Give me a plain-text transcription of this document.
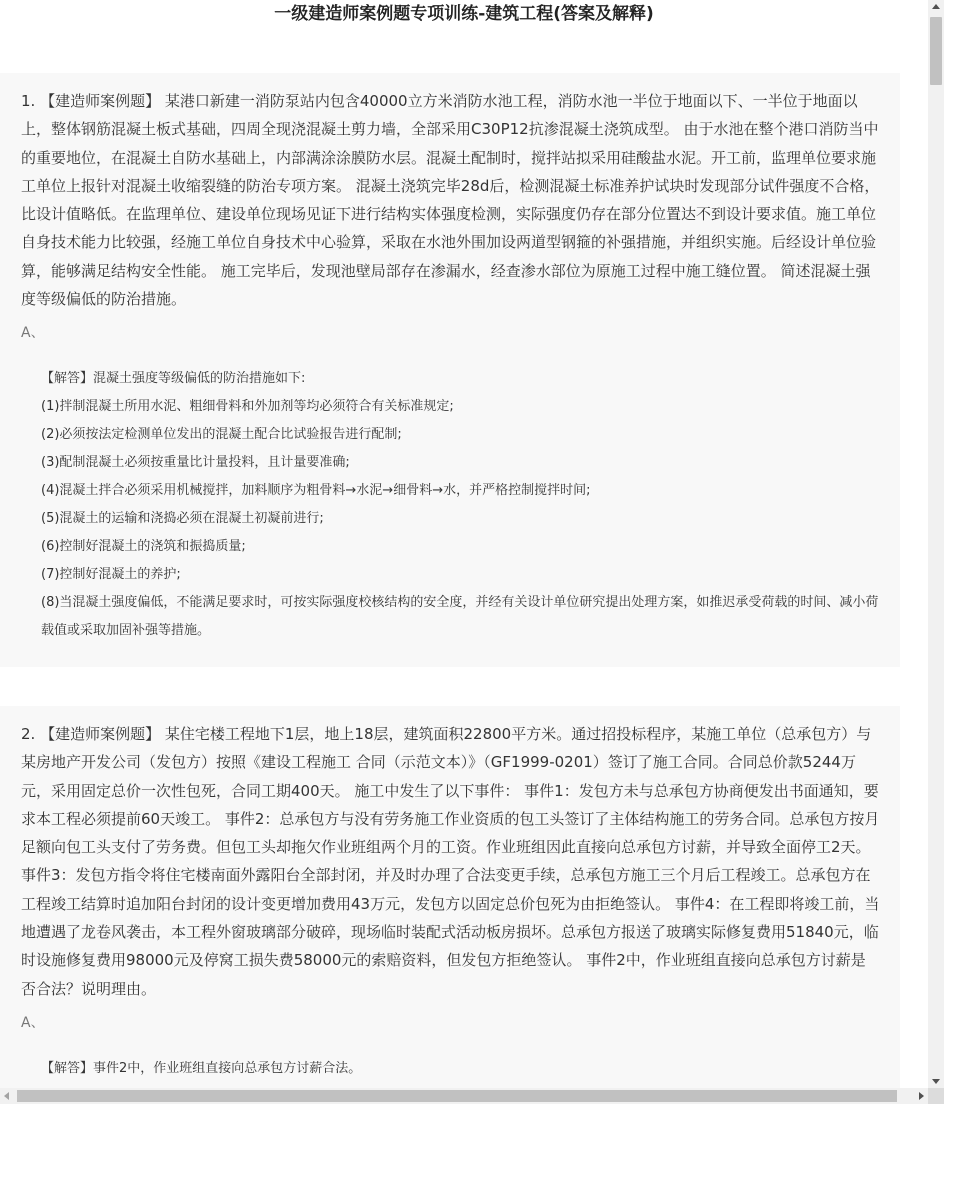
一级建造师案例题专项训练-建筑工程(答案及解释)

1. 【建造师案例题】 某港口新建一消防泵站内包含40000立方米消防水池工程，消防水池一半位于地面以下、一半位于地面以上，整体钢筋混凝土板式基础，四周全现浇混凝土剪力墙，全部采用C30P12抗渗混凝土浇筑成型。 由于水池在整个港口消防当中的重要地位，在混凝土自防水基础上，内部满涂涂膜防水层。混凝土配制时，搅拌站拟采用硅酸盐水泥。开工前，监理单位要求施工单位上报针对混凝土收缩裂缝的防治专项方案。 混凝土浇筑完毕28d后，检测混凝土标准养护试块时发现部分试件强度不合格，比设计值略低。在监理单位、建设单位现场见证下进行结构实体强度检测，实际强度仍存在部分位置达不到设计要求值。施工单位自身技术能力比较强，经施工单位自身技术中心验算，采取在水池外围加设两道型钢箍的补强措施，并组织实施。后经设计单位验算，能够满足结构安全性能。 施工完毕后，发现池壁局部存在渗漏水，经查渗水部位为原施工过程中施工缝位置。 简述混凝土强度等级偏低的防治措施。

A、

【解答】混凝土强度等级偏低的防治措施如下:

(1)拌制混凝土所用水泥、粗细骨料和外加剂等均必须符合有关标准规定;

(2)必须按法定检测单位发出的混凝土配合比试验报告进行配制;

(3)配制混凝土必须按重量比计量投料，且计量要准确;

(4)混凝土拌合必须采用机械搅拌，加料顺序为粗骨料→水泥→细骨料→水，并严格控制搅拌时间;

(5)混凝土的运输和浇捣必须在混凝土初凝前进行;

(6)控制好混凝土的浇筑和振捣质量;

(7)控制好混凝土的养护;

(8)当混凝土强度偏低，不能满足要求时，可按实际强度校核结构的安全度，并经有关设计单位研究提出处理方案，如推迟承受荷载的时间、减小荷载值或采取加固补强等措施。

2. 【建造师案例题】 某住宅楼工程地下1层，地上18层，建筑面积22800平方米。通过招投标程序，某施工单位（总承包方）与某房地产开发公司（发包方）按照《建设工程施工 合同（示范文本）》（GF1999-0201）签订了施工合同。合同总价款5244万元，采用固定总价一次性包死，合同工期400天。 施工中发生了以下事件： 事件1：发包方未与总承包方协商便发出书面通知，要求本工程必须提前60天竣工。 事件2：总承包方与没有劳务施工作业资质的包工头签订了主体结构施工的劳务合同。总承包方按月足额向包工头支付了劳务费。但包工头却拖欠作业班组两个月的工资。作业班组因此直接向总承包方讨薪，并导致全面停工2天。 事件3：发包方指令将住宅楼南面外露阳台全部封闭，并及时办理了合法变更手续，总承包方施工三个月后工程竣工。总承包方在工程竣工结算时追加阳台封闭的设计变更增加费用43万元，发包方以固定总价包死为由拒绝签认。 事件4：在工程即将竣工前，当地遭遇了龙卷风袭击，本工程外窗玻璃部分破碎，现场临时装配式活动板房损坏。总承包方报送了玻璃实际修复费用51840元，临时设施修复费用98000元及停窝工损失费58000元的索赔资料，但发包方拒绝签认。 事件2中，作业班组直接向总承包方讨薪是否合法？说明理由。

A、

【解答】事件2中，作业班组直接向总承包方讨薪合法。
